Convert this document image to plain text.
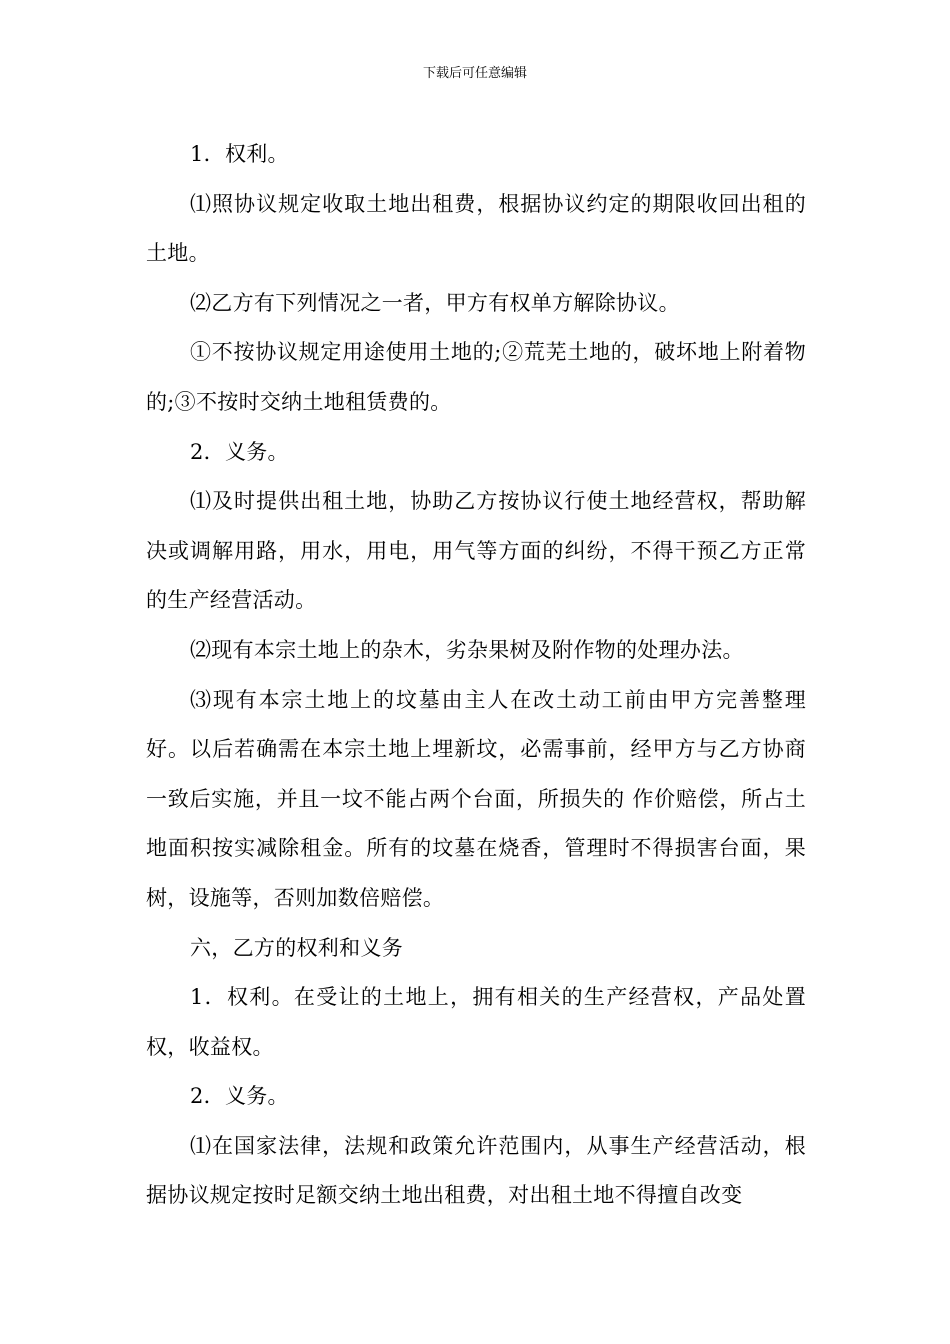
下载后可任意编辑

1．权利。

⑴照协议规定收取土地出租费，根据协议约定的期限收回出租的土地。

⑵乙方有下列情况之一者，甲方有权单方解除协议。

①不按协议规定用途使用土地的;②荒芜土地的，破坏地上附着物的;③不按时交纳土地租赁费的。

2．义务。

⑴及时提供出租土地，协助乙方按协议行使土地经营权，帮助解决或调解用路，用水，用电，用气等方面的纠纷，不得干预乙方正常的生产经营活动。

⑵现有本宗土地上的杂木，劣杂果树及附作物的处理办法。

⑶现有本宗土地上的坟墓由主人在改土动工前由甲方完善整理好。以后若确需在本宗土地上埋新坟，必需事前，经甲方与乙方协商一致后实施，并且一坟不能占两个台面，所损失的 作价赔偿，所占土地面积按实减除租金。所有的坟墓在烧香，管理时不得损害台面，果树，设施等，否则加数倍赔偿。

六，乙方的权利和义务

1．权利。在受让的土地上，拥有相关的生产经营权，产品处置权，收益权。

2．义务。

⑴在国家法律，法规和政策允许范围内，从事生产经营活动，根据协议规定按时足额交纳土地出租费，对出租土地不得擅自改变
